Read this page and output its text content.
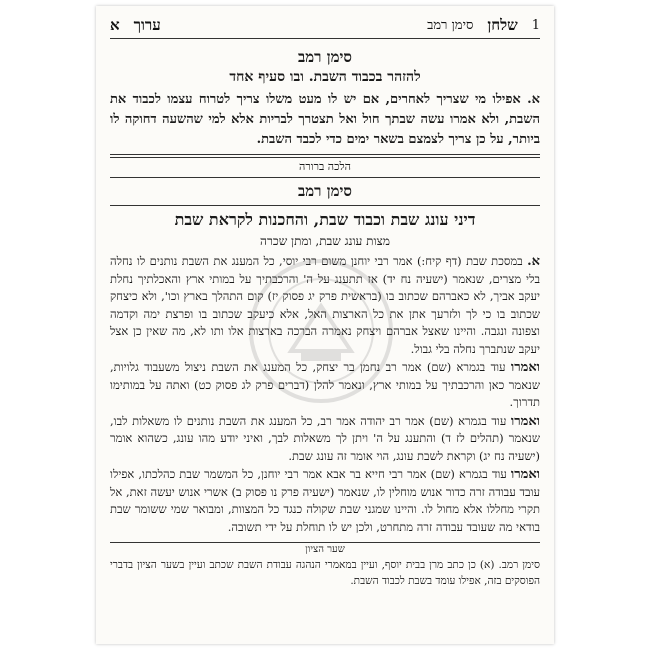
1
שלחן
סימן רמב
ערוך
א
סימן רמב
להזהר בכבוד השבת. ובו סעיף אחד

א. אפילו מי שצריך לאחרים, אם יש לו מעט משלו צריך לטרוח עצמו לכבוד את השבת, ולא אמרו עשה שבתך חול ואל תצטרך לבריות אלא למי שהשעה דחוקה לו ביותר, על כן צריך לצמצם בשאר ימים כדי לכבד השבת.

הלכה ברורה
סימן רמב
דיני עונג שבת וכבוד שבת, והחכנות לקראת שבת
מצות עונג שבת, ומתן שכרה

א. במסכת שבת (דף קיח:) אמר רבי יוחנן משום רבי יוסי, כל המענג את השבת נותנים לו נחלה בלי מצרים, שנאמר (ישעיה נח יד) אז תתענג על ה' והרכבתיך על במותי ארץ והאכלתיך נחלת יעקב אביך, לא כאברהם שכתוב בו (בראשית פרק יג פסוק יז) קום התהלך בארץ וכו', ולא כיצחק שכתוב בו כי לך ולזרעך אתן את כל הארצות האל, אלא כיעקב שכתוב בו ופרצת ימה וקדמה וצפונה ונגבה. והיינו שאצל אברהם ויצחק נאמרה הברכה בארצות אלו ותו לא, מה שאין כן אצל יעקב שנתברך נחלה בלי גבול.

ואמרו עוד בגמרא (שם) אמר רב נחמן בר יצחק, כל המענג את השבת ניצול משעבוד גלויות, שנאמר כאן והרכבתיך על במותי ארץ, ונאמר להלן (דברים פרק לג פסוק כט) ואתה על במותימו תדרוך.

ואמרו עוד בגמרא (שם) אמר רב יהודה אמר רב, כל המענג את השבת נותנים לו משאלות לבו, שנאמר (תהלים לז ד) והתענג על ה' ויתן לך משאלות לבך, ואיני יודע מהו עונג, כשהוא אומר (ישעיה נח יג) וקראת לשבת עונג, הוי אומר זה עונג שבת.

ואמרו עוד בגמרא (שם) אמר רבי חייא בר אבא אמר רבי יוחנן, כל המשמר שבת כהלכתו, אפילו עובד עבודה זרה כדור אנוש מוחלין לו, שנאמר (ישעיה פרק נו פסוק ב) אשרי אנוש יעשה זאת, אל תקרי מחללו אלא מחול לו. והיינו שמגני שבת שקולה כנגד כל המצוות, ומבואר שמי ששומר שבת בודאי מה שעובד עבודה זרה מתחרט, ולכן יש לו תוחלת על ידי תשובה.

שער הציון

סימן רמב. (א) כן כתב מרן בבית יוסף, ועיין במאמרי הנהגה עבודת השבת שכתב ועיין בשער הציון בדברי הפוסקים בזה, אפילו עומד בשבת לכבוד השבת.
